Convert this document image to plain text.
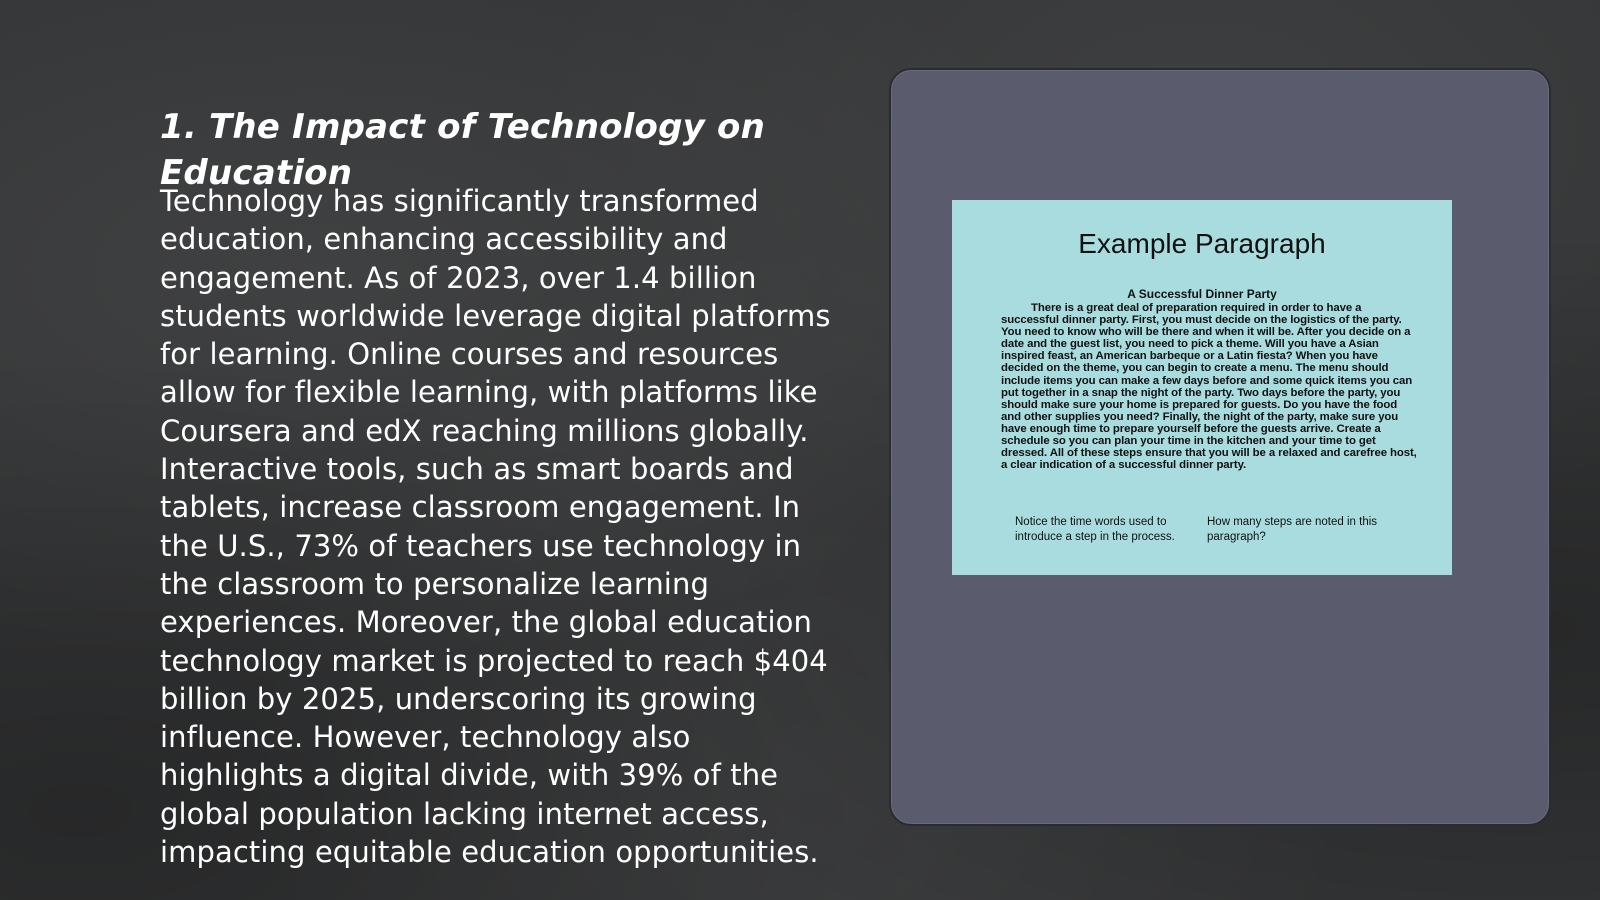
1. The Impact of Technology on Education

Technology has significantly transformed education, enhancing accessibility and engagement. As of 2023, over 1.4 billion students worldwide leverage digital platforms for learning. Online courses and resources allow for flexible learning, with platforms like Coursera and edX reaching millions globally. Interactive tools, such as smart boards and tablets, increase classroom engagement. In the U.S., 73% of teachers use technology in the classroom to personalize learning experiences. Moreover, the global education technology market is projected to reach $404 billion by 2025, underscoring its growing influence. However, technology also highlights a digital divide, with 39% of the global population lacking internet access, impacting equitable education opportunities.

Example Paragraph
A Successful Dinner Party

There is a great deal of preparation required in order to have a successful dinner party. First, you must decide on the logistics of the party. You need to know who will be there and when it will be. After you decide on a date and the guest list, you need to pick a theme. Will you have a Asian inspired feast, an American barbeque or a Latin fiesta? When you have decided on the theme, you can begin to create a menu. The menu should include items you can make a few days before and some quick items you can put together in a snap the night of the party. Two days before the party, you should make sure your home is prepared for guests. Do you have the food and other supplies you need? Finally, the night of the party, make sure you have enough time to prepare yourself before the guests arrive. Create a schedule so you can plan your time in the kitchen and your time to get dressed. All of these steps ensure that you will be a relaxed and carefree host, a clear indication of a successful dinner party.

Notice the time words used to introduce a step in the process.
How many steps are noted in this paragraph?
